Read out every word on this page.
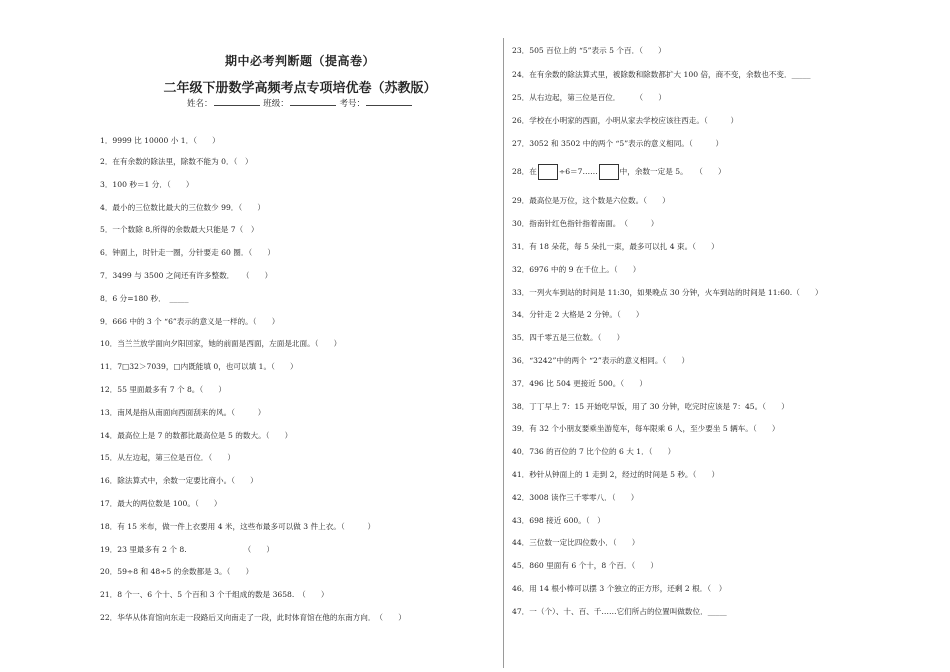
期中必考判断题（提高卷）
二年级下册数学高频考点专项培优卷（苏教版）
姓名：	班级：	考号：
1．9999 比 10000 小 1．（　　）
2．在有余数的除法里，除数不能为 0．（　）
3．100 秒＝1 分．（　　）
4．最小的三位数比最大的三位数少 99．（　　）
5．一个数除 8,所得的余数最大只能是 7（　）
6．钟面上，时针走一圈，分针要走 60 圈．（　　）
7．3499 与 3500 之间还有许多整数．　　（　　）
8．6 分=180 秒．　_____
9．666 中的 3 个 “6”表示的意义是一样的。（　　）
10．当兰兰放学面向夕阳回家，她的前面是西面，左面是北面。（　　）
11．7□32＞7039，□内既能填 0，也可以填 1。（　　）
12．55 里面最多有 7 个 8。（　　）
13．南风是指从南面向西面刮来的风。（　　　）
14．最高位上是 7 的数都比最高位是 5 的数大。（　　）
15．从左边起，第三位是百位．（　　）
16．除法算式中，余数一定要比商小。（　　）
17．最大的两位数是 100。（　　）
18．有 15 米布，做一件上衣要用 4 米，这些布最多可以做 3 件上衣。（　　　）
19．23 里最多有 2 个 8.　　　　　　　　（　　）
20．59÷8 和 48÷5 的余数都是 3。（　　）
21．8 个一、6 个十、5 个百和 3 个千组成的数是 3658.　（　　）
22．华华从体育馆向东走一段路后又向南走了一段，此时体育馆在他的东南方向．　（　　）
23．505 百位上的 “5”表示 5 个百．（　　）
24．在有余数的除法算式里，被除数和除数都扩大 100 倍，商不变，余数也不变．_____
25．从右边起，第三位是百位．　　　（　　）
26．学校在小明家的西面，小明从家去学校应该往西走。（　　　）
27．3052 和 3502 中的两个 “5”表示的意义相同。（　　　）
28．在	÷6＝7……	中，余数一定是 5。　　（　　）
29．最高位是万位，这个数是六位数。（　　）
30．指南针红色指针指着南面。　（　　　）
31．有 18 朵花，每 5 朵扎一束，最多可以扎 4 束。（　　）
32．6976 中的 9 在千位上。（　　）
33．一列火车到站的时间是 11:30，如果晚点 30 分钟，火车到站的时间是 11:60.（　　）
34．分针走 2 大格是 2 分钟。（　　）
35．四千零五是三位数。（　　）
36．“3242”中的两个 “2”表示的意义相同。（　　）
37．496 比 504 更接近 500。（　　）
38．丁丁早上 7：15 开始吃早饭，用了 30 分钟，吃完时应该是 7：45。（　　）
39．有 32 个小朋友要乘坐游览车，每车限乘 6 人，至少要坐 5 辆车。（　　）
40．736 的百位的 7 比个位的 6 大 1．（　　）
41．秒针从钟面上的 1 走到 2，经过的时间是 5 秒。（　　）
42．3008 读作三千零零八．（　　）
43．698 接近 600。（　）
44．三位数一定比四位数小．（　　）
45．860 里面有 6 个十，8 个百．（　　）
46．用 14 根小棒可以摆 3 个独立的正方形，还剩 2 根．（　）
47．一（个）、十、百、千……它们所占的位置叫做数位．_____
